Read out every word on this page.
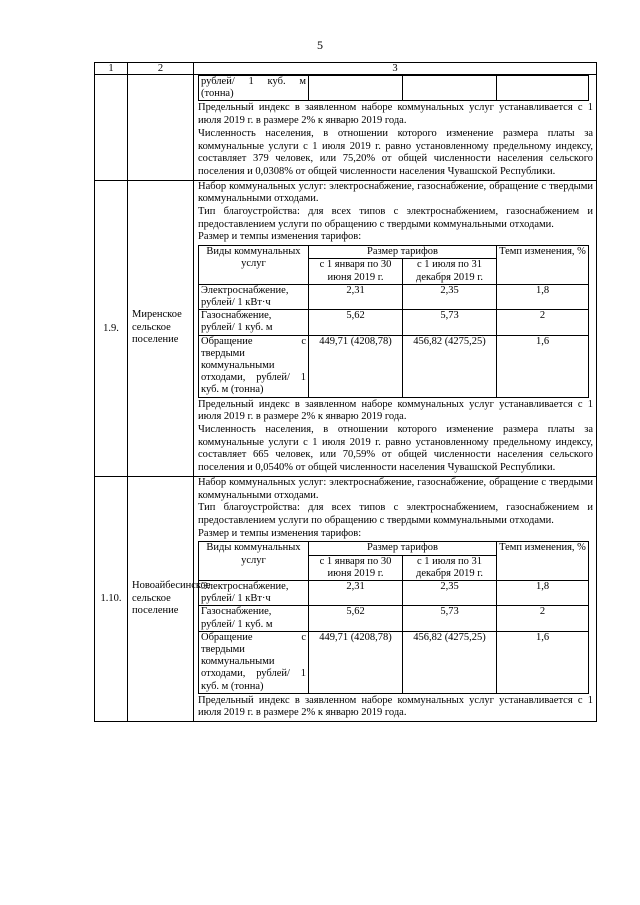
5
1	2	3

рублей/ 1 куб. м (тонна)			

Предельный индекс в заявленном наборе коммунальных услуг устанавливается с 1 июля 2019 г. в размере 2% к январю 2019 года.

Численность населения, в отношении которого изменение размера платы за коммунальные услуги с 1 июля 2019 г. равно установленному предельному индексу, составляет 379 человек, или 75,20% от общей численности населения сельского поселения и 0,0308% от общей численности населения Чувашской Республики.

1.9.	Миренское сельское поселение	

Набор коммунальных услуг: электроснабжение, газоснабжение, обращение с твердыми коммунальными отходами.

Тип благоустройства: для всех типов с электроснабжением, газоснабжением и предоставлением услуги по обращению с твердыми коммунальными отходами.

Размер и темпы изменения тарифов:

Виды коммунальных услуг	Размер тарифов	Темп изменения, %
с 1 января по 30 июня 2019 г.	с 1 июля по 31 декабря 2019 г.
Электроснабжение, рублей/ 1 кВт·ч	2,31	2,35	1,8
Газоснабжение, рублей/ 1 куб. м	5,62	5,73	2
Обращение с твердыми коммунальными отходами, рублей/ 1 куб. м (тонна)	449,71 (4208,78)	456,82 (4275,25)	1,6

Предельный индекс в заявленном наборе коммунальных услуг устанавливается с 1 июля 2019 г. в размере 2% к январю 2019 года.

Численность населения, в отношении которого изменение размера платы за коммунальные услуги с 1 июля 2019 г. равно установленному предельному индексу, составляет 665 человек, или 70,59% от общей численности населения сельского поселения и 0,0540% от общей численности населения Чувашской Республики.

1.10.	Новоайбесинское сельское поселение	

Набор коммунальных услуг: электроснабжение, газоснабжение, обращение с твердыми коммунальными отходами.

Тип благоустройства: для всех типов с электроснабжением, газоснабжением и предоставлением услуги по обращению с твердыми коммунальными отходами.

Размер и темпы изменения тарифов:

Виды коммунальных услуг	Размер тарифов	Темп изменения, %
с 1 января по 30 июня 2019 г.	с 1 июля по 31 декабря 2019 г.
Электроснабжение, рублей/ 1 кВт·ч	2,31	2,35	1,8
Газоснабжение, рублей/ 1 куб. м	5,62	5,73	2
Обращение с твердыми коммунальными отходами, рублей/ 1 куб. м (тонна)	449,71 (4208,78)	456,82 (4275,25)	1,6

Предельный индекс в заявленном наборе коммунальных услуг устанавливается с 1 июля 2019 г. в размере 2% к январю 2019 года.
